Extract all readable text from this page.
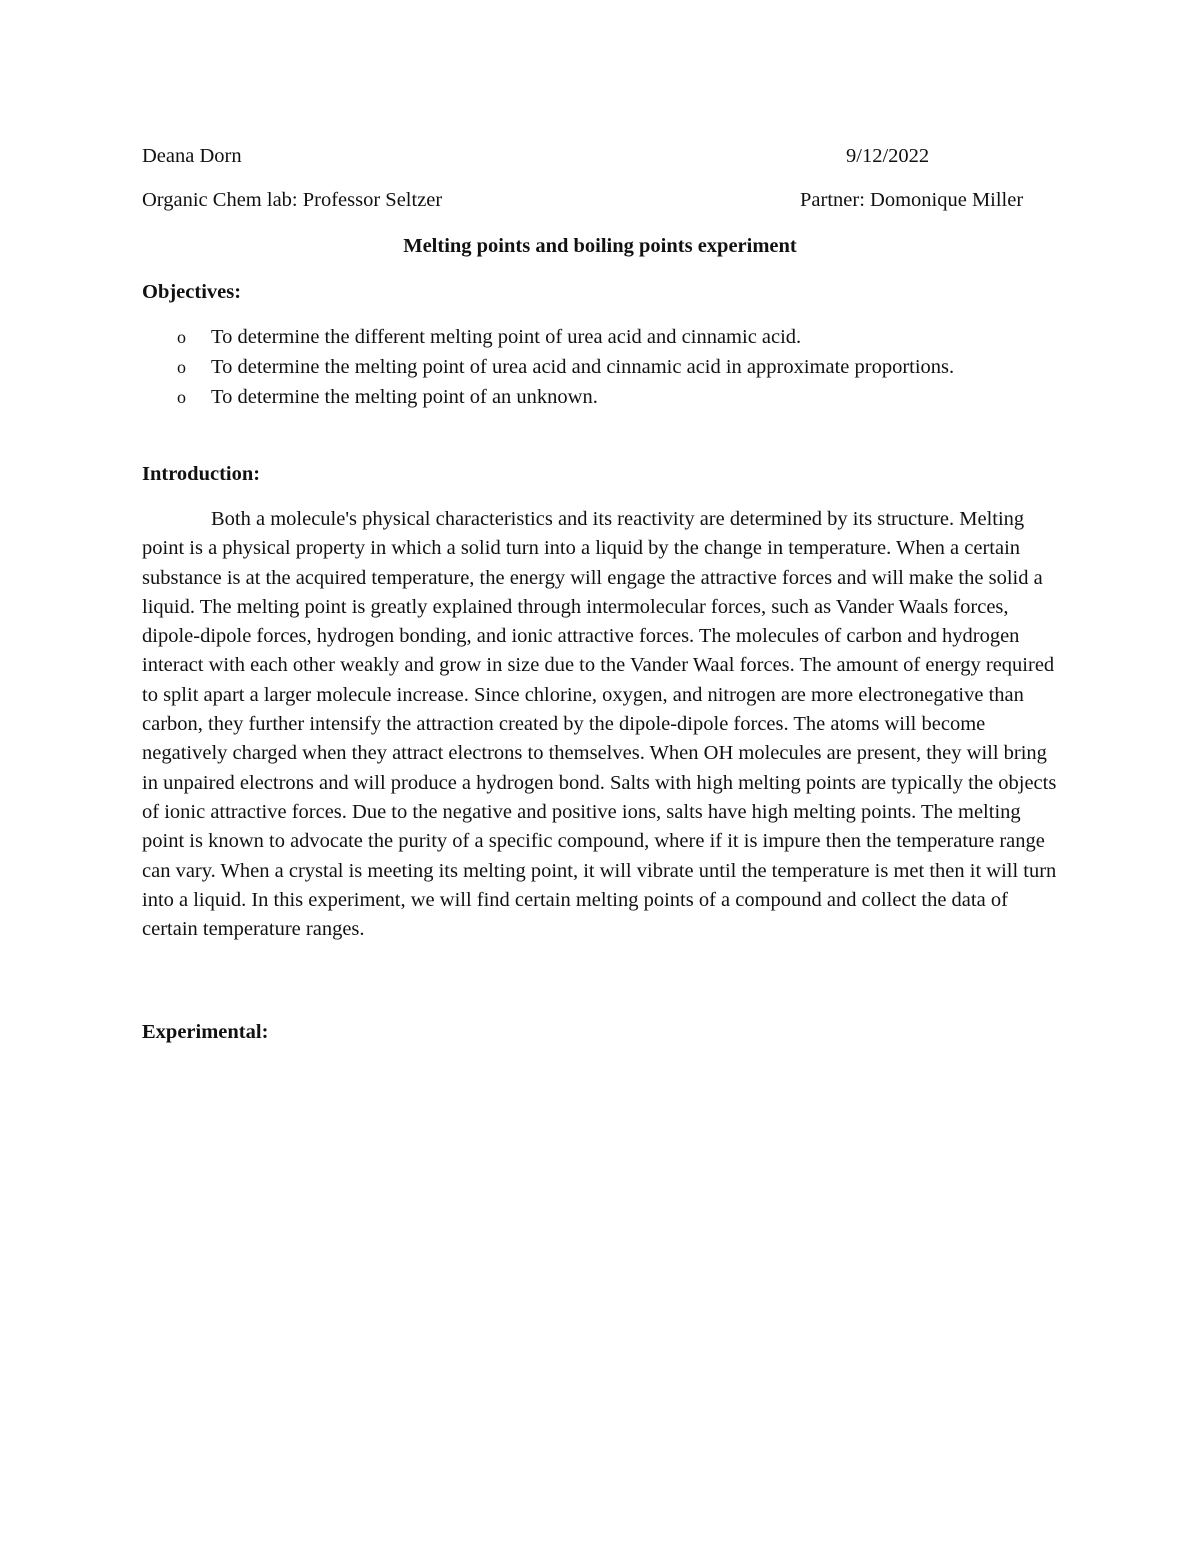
Deana Dorn	9/12/2022
Organic Chem lab: Professor Seltzer	Partner: Domonique Miller
Melting points and boiling points experiment
Objectives:
o To determine the different melting point of urea acid and cinnamic acid.
o To determine the melting point of urea acid and cinnamic acid in approximate proportions.
o To determine the melting point of an unknown.
Introduction:

Both a molecule's physical characteristics and its reactivity are determined by its structure. Melting point is a physical property in which a solid turn into a liquid by the change in temperature. When a certain substance is at the acquired temperature, the energy will engage the attractive forces and will make the solid a liquid. The melting point is greatly explained through intermolecular forces, such as Vander Waals forces, dipole-dipole forces, hydrogen bonding, and ionic attractive forces. The molecules of carbon and hydrogen interact with each other weakly and grow in size due to the Vander Waal forces. The amount of energy required to split apart a larger molecule increase. Since chlorine, oxygen, and nitrogen are more electronegative than carbon, they further intensify the attraction created by the dipole-dipole forces. The atoms will become negatively charged when they attract electrons to themselves. When OH molecules are present, they will bring in unpaired electrons and will produce a hydrogen bond. Salts with high melting points are typically the objects of ionic attractive forces. Due to the negative and positive ions, salts have high melting points. The melting point is known to advocate the purity of a specific compound, where if it is impure then the temperature range can vary. When a crystal is meeting its melting point, it will vibrate until the temperature is met then it will turn into a liquid. In this experiment, we will find certain melting points of a compound and collect the data of certain temperature ranges.

Experimental:
